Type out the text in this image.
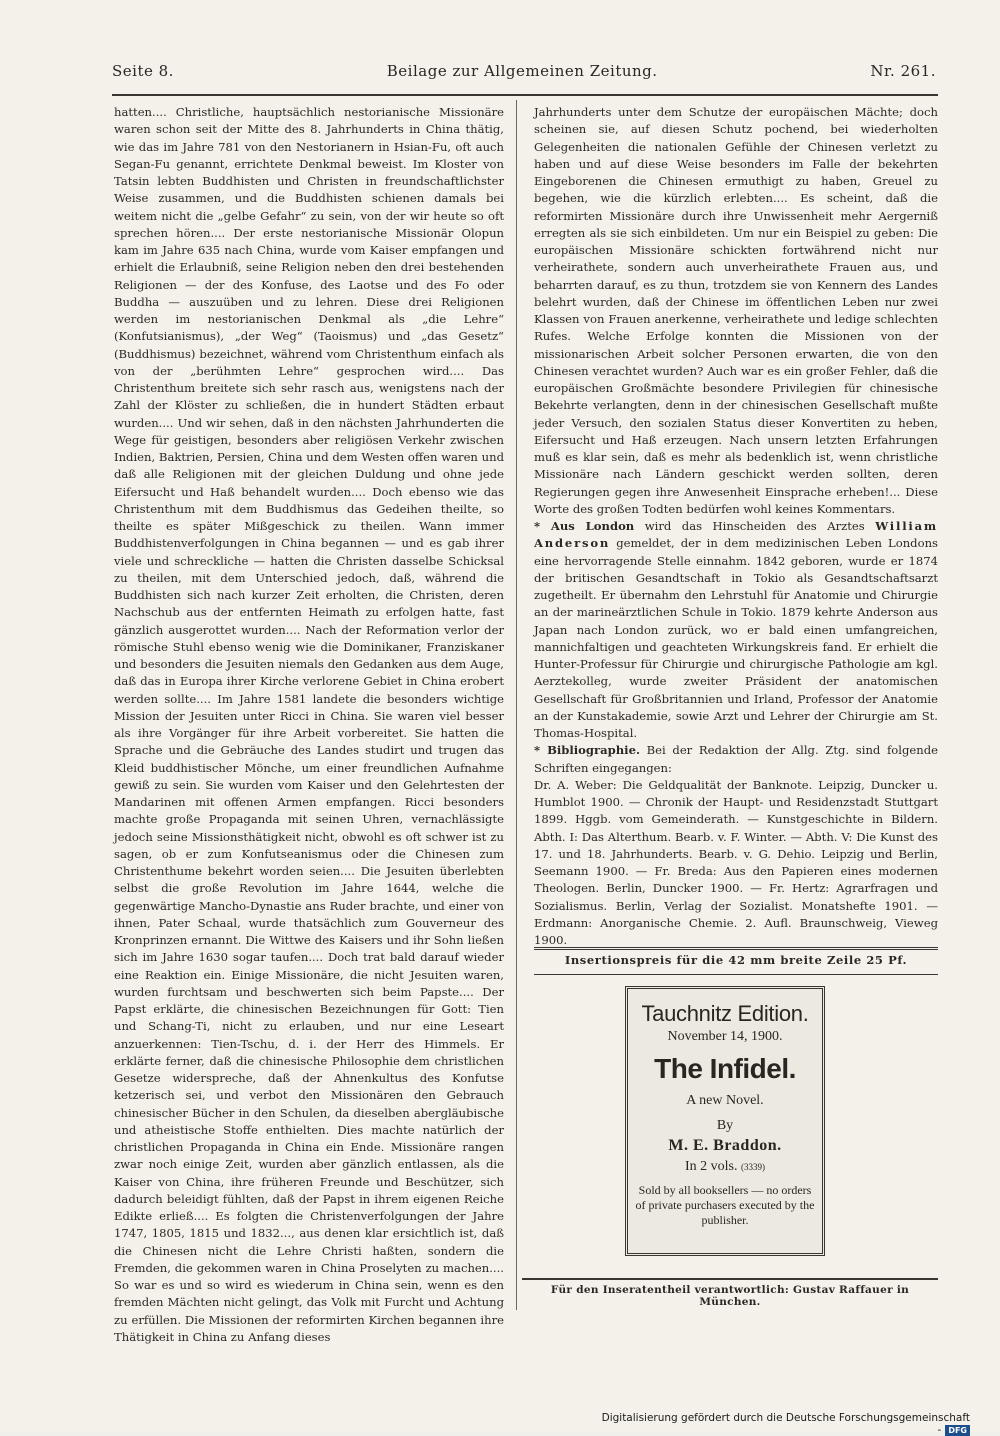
Seite 8.	Beilage zur Allgemeinen Zeitung.	Nr. 261.

hatten.... Christliche, hauptsächlich nestorianische Missionäre waren schon seit der Mitte des 8. Jahrhunderts in China thätig, wie das im Jahre 781 von den Nestorianern in Hsian-Fu, oft auch Segan-Fu genannt, errichtete Denkmal beweist. Im Kloster von Tatsin lebten Buddhisten und Christen in freundschaftlichster Weise zusammen, und die Buddhisten schienen damals bei weitem nicht die „gelbe Gefahr“ zu sein, von der wir heute so oft sprechen hören.... Der erste nestorianische Missionär Olopun kam im Jahre 635 nach China, wurde vom Kaiser empfangen und erhielt die Erlaubniß, seine Religion neben den drei bestehenden Religionen — der des Konfuse, des Laotse und des Fo oder Buddha — auszuüben und zu lehren. Diese drei Religionen werden im nestorianischen Denkmal als „die Lehre“ (Konfutsianismus), „der Weg“ (Taoismus) und „das Gesetz“ (Buddhismus) bezeichnet, während vom Christenthum einfach als von der „berühmten Lehre“ gesprochen wird.... Das Christenthum breitete sich sehr rasch aus, wenigstens nach der Zahl der Klöster zu schließen, die in hundert Städten erbaut wurden.... Und wir sehen, daß in den nächsten Jahrhunderten die Wege für geistigen, besonders aber religiösen Verkehr zwischen Indien, Baktrien, Persien, China und dem Westen offen waren und daß alle Religionen mit der gleichen Duldung und ohne jede Eifersucht und Haß behandelt wurden.... Doch ebenso wie das Christenthum mit dem Buddhismus das Gedeihen theilte, so theilte es später Mißgeschick zu theilen. Wann immer Buddhistenverfolgungen in China begannen — und es gab ihrer viele und schreckliche — hatten die Christen dasselbe Schicksal zu theilen, mit dem Unterschied jedoch, daß, während die Buddhisten sich nach kurzer Zeit erholten, die Christen, deren Nachschub aus der entfernten Heimath zu erfolgen hatte, fast gänzlich ausgerottet wurden.... Nach der Reformation verlor der römische Stuhl ebenso wenig wie die Dominikaner, Franziskaner und besonders die Jesuiten niemals den Gedanken aus dem Auge, daß das in Europa ihrer Kirche verlorene Gebiet in China erobert werden sollte.... Im Jahre 1581 landete die besonders wichtige Mission der Jesuiten unter Ricci in China. Sie waren viel besser als ihre Vorgänger für ihre Arbeit vorbereitet. Sie hatten die Sprache und die Gebräuche des Landes studirt und trugen das Kleid buddhistischer Mönche, um einer freundlichen Aufnahme gewiß zu sein. Sie wurden vom Kaiser und den Gelehrtesten der Mandarinen mit offenen Armen empfangen. Ricci besonders machte große Propaganda mit seinen Uhren, vernachlässigte jedoch seine Missionsthätigkeit nicht, obwohl es oft schwer ist zu sagen, ob er zum Konfutseanismus oder die Chinesen zum Christenthume bekehrt worden seien.... Die Jesuiten überlebten selbst die große Revolution im Jahre 1644, welche die gegenwärtige Mancho-Dynastie ans Ruder brachte, und einer von ihnen, Pater Schaal, wurde thatsächlich zum Gouverneur des Kronprinzen ernannt. Die Wittwe des Kaisers und ihr Sohn ließen sich im Jahre 1630 sogar taufen.... Doch trat bald darauf wieder eine Reaktion ein. Einige Missionäre, die nicht Jesuiten waren, wurden furchtsam und beschwerten sich beim Papste.... Der Papst erklärte, die chinesischen Bezeichnungen für Gott: Tien und Schang-Ti, nicht zu erlauben, und nur eine Leseart anzuerkennen: Tien-Tschu, d. i. der Herr des Himmels. Er erklärte ferner, daß die chinesische Philosophie dem christlichen Gesetze widerspreche, daß der Ahnenkultus des Konfutse ketzerisch sei, und verbot den Missionären den Gebrauch chinesischer Bücher in den Schulen, da dieselben abergläubische und atheistische Stoffe enthielten. Dies machte natürlich der christlichen Propaganda in China ein Ende. Missionäre rangen zwar noch einige Zeit, wurden aber gänzlich entlassen, als die Kaiser von China, ihre früheren Freunde und Beschützer, sich dadurch beleidigt fühlten, daß der Papst in ihrem eigenen Reiche Edikte erließ.... Es folgten die Christenverfolgungen der Jahre 1747, 1805, 1815 und 1832..., aus denen klar ersichtlich ist, daß die Chinesen nicht die Lehre Christi haßten, sondern die Fremden, die gekommen waren in China Proselyten zu machen.... So war es und so wird es wiederum in China sein, wenn es den fremden Mächten nicht gelingt, das Volk mit Furcht und Achtung zu erfüllen. Die Missionen der reformirten Kirchen begannen ihre Thätigkeit in China zu Anfang dieses

Jahrhunderts unter dem Schutze der europäischen Mächte; doch scheinen sie, auf diesen Schutz pochend, bei wiederholten Gelegenheiten die nationalen Gefühle der Chinesen verletzt zu haben und auf diese Weise besonders im Falle der bekehrten Eingeborenen die Chinesen ermuthigt zu haben, Greuel zu begehen, wie die kürzlich erlebten.... Es scheint, daß die reformirten Missionäre durch ihre Unwissenheit mehr Aergerniß erregten als sie sich einbildeten. Um nur ein Beispiel zu geben: Die europäischen Missionäre schickten fortwährend nicht nur verheirathete, sondern auch unverheirathete Frauen aus, und beharrten darauf, es zu thun, trotzdem sie von Kennern des Landes belehrt wurden, daß der Chinese im öffentlichen Leben nur zwei Klassen von Frauen anerkenne, verheirathete und ledige schlechten Rufes. Welche Erfolge konnten die Missionen von der missionarischen Arbeit solcher Personen erwarten, die von den Chinesen verachtet wurden? Auch war es ein großer Fehler, daß die europäischen Großmächte besondere Privilegien für chinesische Bekehrte verlangten, denn in der chinesischen Gesellschaft mußte jeder Versuch, den sozialen Status dieser Konvertiten zu heben, Eifersucht und Haß erzeugen. Nach unsern letzten Erfahrungen muß es klar sein, daß es mehr als bedenklich ist, wenn christliche Missionäre nach Ländern geschickt werden sollten, deren Regierungen gegen ihre Anwesenheit Einsprache erheben!... Diese Worte des großen Todten bedürfen wohl keines Kommentars.

* Aus London wird das Hinscheiden des Arztes William Anderson gemeldet, der in dem medizinischen Leben Londons eine hervorragende Stelle einnahm. 1842 geboren, wurde er 1874 der britischen Gesandtschaft in Tokio als Gesandtschaftsarzt zugetheilt. Er übernahm den Lehrstuhl für Anatomie und Chirurgie an der marineärztlichen Schule in Tokio. 1879 kehrte Anderson aus Japan nach London zurück, wo er bald einen umfangreichen, mannichfaltigen und geachteten Wirkungskreis fand. Er erhielt die Hunter-Professur für Chirurgie und chirurgische Pathologie am kgl. Aerztekolleg, wurde zweiter Präsident der anatomischen Gesellschaft für Großbritannien und Irland, Professor der Anatomie an der Kunstakademie, sowie Arzt und Lehrer der Chirurgie am St. Thomas-Hospital.

* Bibliographie. Bei der Redaktion der Allg. Ztg. sind folgende Schriften eingegangen:

Dr. A. Weber: Die Geldqualität der Banknote. Leipzig, Duncker u. Humblot 1900. — Chronik der Haupt- und Residenzstadt Stuttgart 1899. Hggb. vom Gemeinderath. — Kunstgeschichte in Bildern. Abth. I: Das Alterthum. Bearb. v. F. Winter. — Abth. V: Die Kunst des 17. und 18. Jahrhunderts. Bearb. v. G. Dehio. Leipzig und Berlin, Seemann 1900. — Fr. Breda: Aus den Papieren eines modernen Theologen. Berlin, Duncker 1900. — Fr. Hertz: Agrarfragen und Sozialismus. Berlin, Verlag der Sozialist. Monatshefte 1901. — Erdmann: Anorganische Chemie. 2. Aufl. Braunschweig, Vieweg 1900.

Insertionspreis für die 42 mm breite Zeile 25 Pf.
Tauchnitz Edition.
November 14, 1900.
The Infidel.
A new Novel.
By
M. E. Braddon.
In 2 vols. (3339)
Sold by all booksellers — no orders of private purchasers executed by the publisher.
Für den Inseratentheil verantwortlich: Gustav Raffauer in München.
Digitalisierung gefördert durch die Deutsche Forschungsgemeinschaft - DFG
